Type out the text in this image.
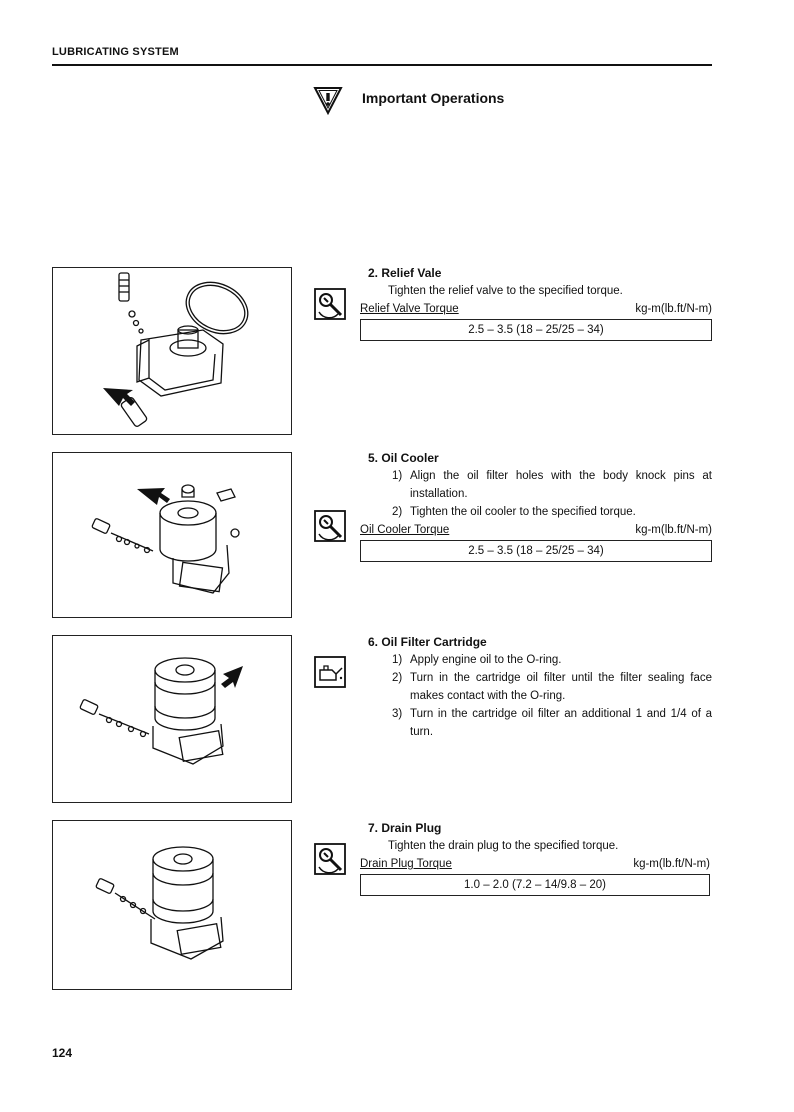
LUBRICATING SYSTEM
Important Operations
2. Relief Vale
Tighten the relief valve to the specified torque.
Relief Valve Torque	kg-m(lb.ft/N-m)
2.5 – 3.5 (18 – 25/25 – 34)
5. Oil Cooler
1) Align the oil filter holes with the body knock pins at installation.
2) Tighten the oil cooler to the specified torque.
Oil Cooler Torque	kg-m(lb.ft/N-m)
2.5 – 3.5 (18 – 25/25 – 34)
6. Oil Filter Cartridge
1) Apply engine oil to the O-ring.
2) Turn in the cartridge oil filter until the filter sealing face makes contact with the O-ring.
3) Turn in the cartridge oil filter an additional 1 and 1/4 of a turn.
7. Drain Plug
Tighten the drain plug to the specified torque.
Drain Plug Torque	kg-m(lb.ft/N-m)
1.0 – 2.0 (7.2 – 14/9.8 – 20)
124
